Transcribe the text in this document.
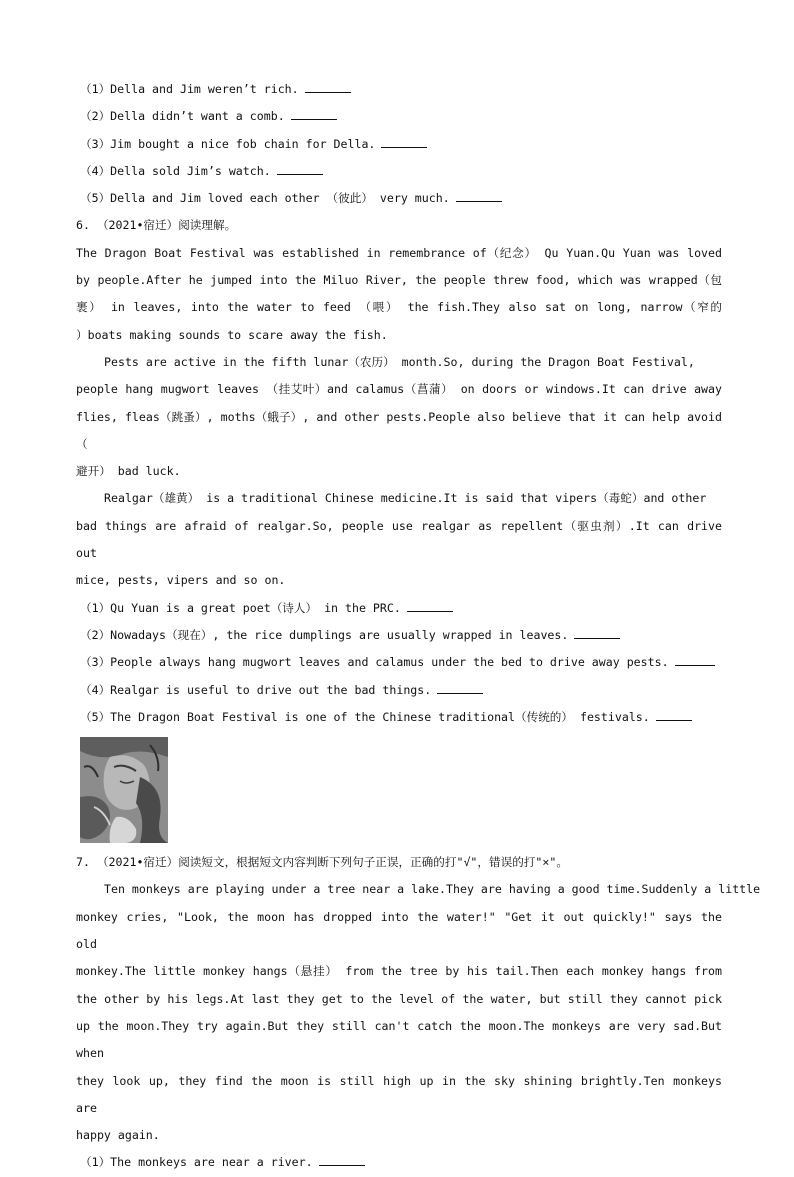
（1）Della and Jim weren’t rich.
（2）Della didn’t want a comb.
（3）Jim bought a nice fob chain for Della.
（4）Della sold Jim’s watch.
（5）Della and Jim loved each other （彼此） very much.
6. （2021•宿迁）阅读理解。
The Dragon Boat Festival was established in remembrance of（纪念） Qu Yuan.Qu Yuan was loved
by people.After he jumped into the Miluo River, the people threw food, which was wrapped（包
裹） in leaves, into the water to feed （喂） the fish.They also sat on long, narrow（窄的
）boats making sounds to scare away the fish.
Pests are active in the fifth lunar（农历） month.So, during the Dragon Boat Festival,
people hang mugwort leaves （挂艾叶）and calamus（菖蒲） on doors or windows.It can drive away
flies, fleas（跳蚤）, moths（蛾子）, and other pests.People also believe that it can help avoid（
避开） bad luck.
Realgar（雄黄） is a traditional Chinese medicine.It is said that vipers（毒蛇）and other
bad things are afraid of realgar.So, people use realgar as repellent（驱虫剂）.It can drive out
mice, pests, vipers and so on.
（1）Qu Yuan is a great poet（诗人） in the PRC.
（2）Nowadays（现在）, the rice dumplings are usually wrapped in leaves.
（3）People always hang mugwort leaves and calamus under the bed to drive away pests.
（4）Realgar is useful to drive out the bad things.
（5）The Dragon Boat Festival is one of the Chinese traditional（传统的） festivals.
7. （2021•宿迁）阅读短文，根据短文内容判断下列句子正误，正确的打"√"，错误的打"×"。
Ten monkeys are playing under a tree near a lake.They are having a good time.Suddenly a little
monkey cries, "Look, the moon has dropped into the water!" "Get it out quickly!" says the old
monkey.The little monkey hangs（悬挂） from the tree by his tail.Then each monkey hangs from
the other by his legs.At last they get to the level of the water, but still they cannot pick
up the moon.They try again.But they still can't catch the moon.The monkeys are very sad.But when
they look up, they find the moon is still high up in the sky shining brightly.Ten monkeys are
happy again.
（1）The monkeys are near a river.
